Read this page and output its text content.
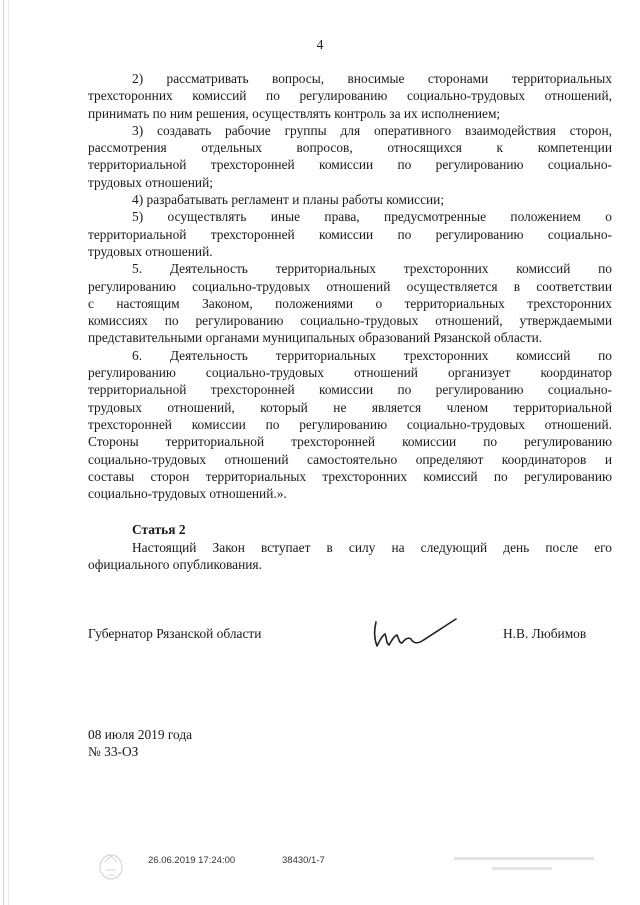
4
2) рассматривать вопросы, вносимые сторонами территориальных
трехсторонних комиссий по регулированию социально-трудовых отношений,
принимать по ним решения, осуществлять контроль за их исполнением;
3) создавать рабочие группы для оперативного взаимодействия сторон,
рассмотрения отдельных вопросов, относящихся к компетенции
территориальной трехсторонней комиссии по регулированию социально-
трудовых отношений;
4) разрабатывать регламент и планы работы комиссии;
5) осуществлять иные права, предусмотренные положением о
территориальной трехсторонней комиссии по регулированию социально-
трудовых отношений.
5. Деятельность территориальных трехсторонних комиссий по
регулированию социально-трудовых отношений осуществляется в соответствии
с настоящим Законом, положениями о территориальных трехсторонних
комиссиях по регулированию социально-трудовых отношений, утверждаемыми
представительными органами муниципальных образований Рязанской области.
6. Деятельность территориальных трехсторонних комиссий по
регулированию социально-трудовых отношений организует координатор
территориальной трехсторонней комиссии по регулированию социально-
трудовых отношений, который не является членом территориальной
трехсторонней комиссии по регулированию социально-трудовых отношений.
Стороны территориальной трехсторонней комиссии по регулированию
социально-трудовых отношений самостоятельно определяют координаторов и
составы сторон территориальных трехсторонних комиссий по регулированию
социально-трудовых отношений.».
Статья 2
Настоящий Закон вступает в силу на следующий день после его
официального опубликования.
Губернатор Рязанской области	Н.В. Любимов
08 июля 2019 года
№ 33-ОЗ
26.06.2019 17:24:00	38430/1-7
